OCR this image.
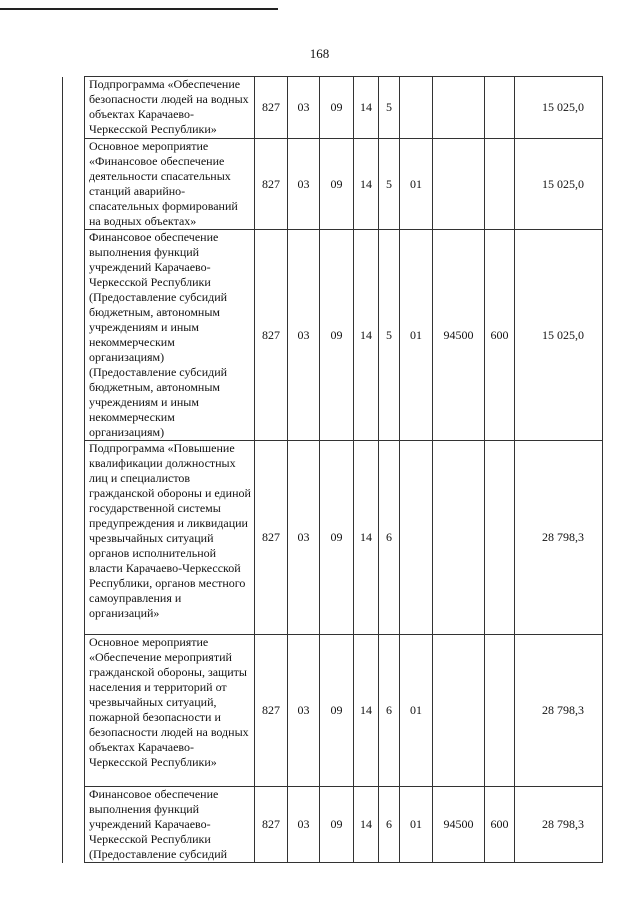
168
	Подпрограмма «Обеспечение безопасности людей на водных объектах Карачаево-Черкесской Республики»	827	03	09	14	5				15 025,0
	Основное мероприятие «Финансовое обеспечение деятельности спасательных станций аварийно-спасательных формирований на водных объектах»	827	03	09	14	5	01			15 025,0
	Финансовое обеспечение выполнения функций учреждений Карачаево-Черкесской Республики (Предоставление субсидий бюджетным, автономным учреждениям и иным некоммерческим организациям) (Предоставление субсидий бюджетным, автономным учреждениям и иным некоммерческим организациям)	827	03	09	14	5	01	94500	600	15 025,0
	Подпрограмма «Повышение квалификации должностных лиц и специалистов гражданской обороны и единой государственной системы предупреждения и ликвидации чрезвычайных ситуаций органов исполнительной власти Карачаево-Черкесской Республики, органов местного самоуправления и организаций»	827	03	09	14	6				28 798,3
	Основное мероприятие «Обеспечение мероприятий гражданской обороны, защиты населения и территорий от чрезвычайных ситуаций, пожарной безопасности и безопасности людей на водных объектах Карачаево-Черкесской Республики»	827	03	09	14	6	01			28 798,3
	Финансовое обеспечение выполнения функций учреждений Карачаево-Черкесской Республики (Предоставление субсидий	827	03	09	14	6	01	94500	600	28 798,3
